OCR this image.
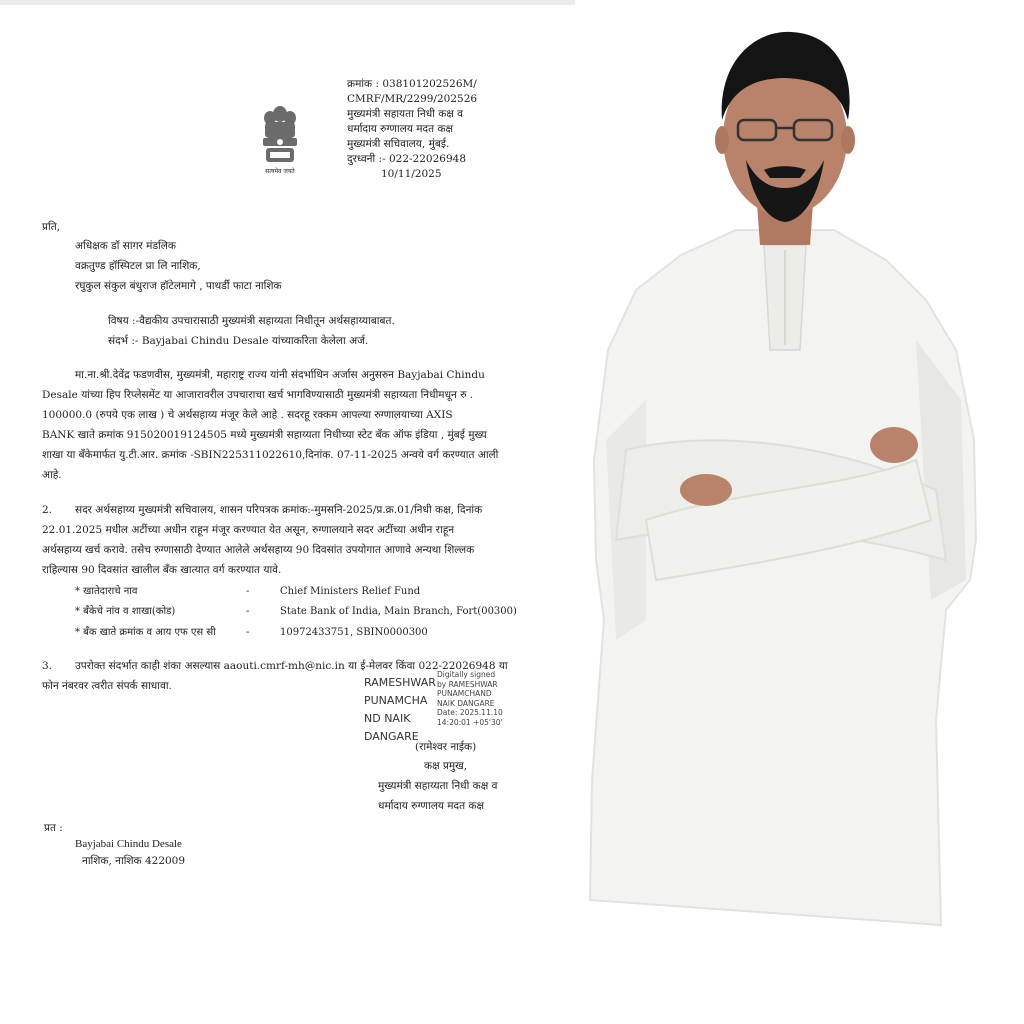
सत्यमेव जयते
क्रमांक : 038101202526M/
CMRF/MR/2299/202526
मुख्यमंत्री सहायता निधी कक्ष व
धर्मादाय रुग्णालय मदत कक्ष
मुख्यमंत्री सचिवालय, मुंबई.
दुरध्वनी :- 022-22026948
10/11/2025
प्रति,
अधिक्षक डॉ सागर मंडलिक
वक्रतुण्ड हॉस्पिटल प्रा लि नाशिक,
रघुकुल संकुल बंधुराज हॉटेलमागे , पाथर्डी फाटा नाशिक
विषय :-वैद्यकीय उपचारासाठी मुख्यमंत्री सहाय्यता निधीतून अर्थसहाय्याबाबत.
संदर्भ :- Bayjabai Chindu Desale यांच्याकरिता केलेला अर्ज.
मा.ना.श्री.देवेंद्र फडणवीस, मुख्यमंत्री, महाराष्ट्र राज्य यांनी संदर्भाधिन अर्जास अनुसरुन Bayjabai Chindu
Desale यांच्या हिप रिप्लेसमेंट या आजारावरील उपचाराचा खर्च भागविण्यासाठी मुख्यमंत्री सहाय्यता निधीमधून रु .
100000.0 (रुपये एक लाख ) चे अर्थसहाय्य मंजूर केले आहे . सदरहू रक्कम आपल्या रुग्णालयाच्या AXIS
BANK खाते क्रमांक 915020019124505 मध्ये मुख्यमंत्री सहाय्यता निधीच्या स्टेट बँक ऑफ इंडिया , मुंबई मुख्य
शाखा या बँकेमार्फत यु.टी.आर. क्रमांक -SBIN225311022610,दिनांक. 07-11-2025 अन्वये वर्ग करण्यात आली
आहे.
2. सदर अर्थसहाय्य मुख्यमंत्री सचिवालय, शासन परिपत्रक क्रमांक:-मुमसनि-2025/प्र.क्र.01/निधी कक्ष, दिनांक
22.01.2025 मधील अटींच्या अधीन राहून मंजूर करण्यात येत असून, रुग्णालयाने सदर अटींच्या अधीन राहून
अर्थसहाय्य खर्च करावे. तसेच रुग्णासाठी देण्यात आलेले अर्थसहाय्य 90 दिवसांत उपयोगात आणावे अन्यथा शिल्लक
राहिल्यास 90 दिवसांत खालील बँक खात्यात वर्ग करण्यात यावे.
* खातेदाराचे नाव	-	Chief Ministers Relief Fund
* बँकेचे नांव व शाखा(कोड)	-	State Bank of India, Main Branch, Fort(00300)
* बँक खाते क्रमांक व आय एफ एस सी	-	10972433751, SBIN0000300
3. उपरोक्त संदर्भात काही शंका असल्यास aaouti.cmrf-mh@nic.in या ई-मेलवर किंवा 022-22026948 या
फोन नंबरवर त्वरीत संपर्क साधावा.	RAMESHWAR
PUNAMCHA
ND NAIK
DANGARE
Digitally signed
by RAMESHWAR
PUNAMCHAND
NAIK DANGARE
Date: 2025.11.10
14:20:01 +05'30'
(रामेश्वर नाईक)
कक्ष प्रमुख,
मुख्यमंत्री सहाय्यता निधी कक्ष व
धर्मादाय रुग्णालय मदत कक्ष
प्रत :
Bayjabai Chindu Desale
नाशिक, नाशिक 422009
